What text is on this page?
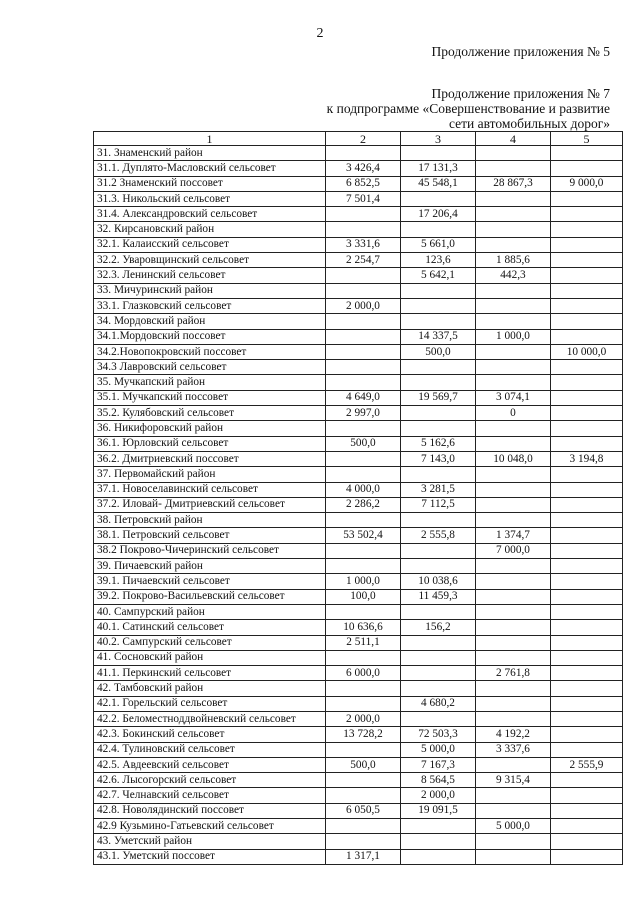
2
Продолжение приложения № 5
Продолжение приложения № 7
к подпрограмме «Совершенствование и развитие
сети автомобильных дорог»
1	2	3	4	5
31. Знаменский район				
31.1. Дуплято-Масловский сельсовет	3 426,4	17 131,3		
31.2 Знаменский поссовет	6 852,5	45 548,1	28 867,3	9 000,0
31.3. Никольский сельсовет	7 501,4			
31.4. Александровский сельсовет		17 206,4		
32. Кирсановский район				
32.1. Калаисский сельсовет	3 331,6	5 661,0		
32.2. Уваровщинский сельсовет	2 254,7	123,6	1 885,6	
32.3. Ленинский сельсовет		5 642,1	442,3	
33. Мичуринский район				
33.1. Глазковский сельсовет	2 000,0			
34. Мордовский район				
34.1.Мордовский поссовет		14 337,5	1 000,0	
34.2.Новопокровский поссовет		500,0		10 000,0
34.3 Лавровский сельсовет				
35. Мучкапский район				
35.1. Мучкапский поссовет	4 649,0	19 569,7	3 074,1	
35.2. Кулябовский сельсовет	2 997,0		0	
36. Никифоровский район				
36.1. Юрловский сельсовет	500,0	5 162,6		
36.2. Дмитриевский поссовет		7 143,0	10 048,0	3 194,8
37. Первомайский район				
37.1. Новоселавинский сельсовет	4 000,0	3 281,5		
37.2. Иловай- Дмитриевский сельсовет	2 286,2	7 112,5		
38. Петровский район				
38.1. Петровский сельсовет	53 502,4	2 555,8	1 374,7	
38.2 Покрово-Чичеринский сельсовет			7 000,0	
39. Пичаевский район				
39.1. Пичаевский сельсовет	1 000,0	10 038,6		
39.2. Покрово-Васильевский сельсовет	100,0	11 459,3		
40. Сампурский район				
40.1. Сатинский сельсовет	10 636,6	156,2		
40.2. Сампурский сельсовет	2 511,1			
41. Сосновский район				
41.1. Перкинский сельсовет	6 000,0		2 761,8	
42. Тамбовский район				
42.1. Горельский сельсовет		4 680,2		
42.2. Беломестноддвойневский сельсовет	2 000,0			
42.3. Бокинский сельсовет	13 728,2	72 503,3	4 192,2	
42.4. Тулиновский сельсовет		5 000,0	3 337,6	
42.5. Авдеевский сельсовет	500,0	7 167,3		2 555,9
42.6. Лысогорский сельсовет		8 564,5	9 315,4	
42.7. Челнавский сельсовет		2 000,0		
42.8. Новолядинский поссовет	6 050,5	19 091,5		
42.9 Кузьмино-Гатьевский сельсовет			5 000,0	
43. Уметский район				
43.1. Уметский поссовет	1 317,1			
